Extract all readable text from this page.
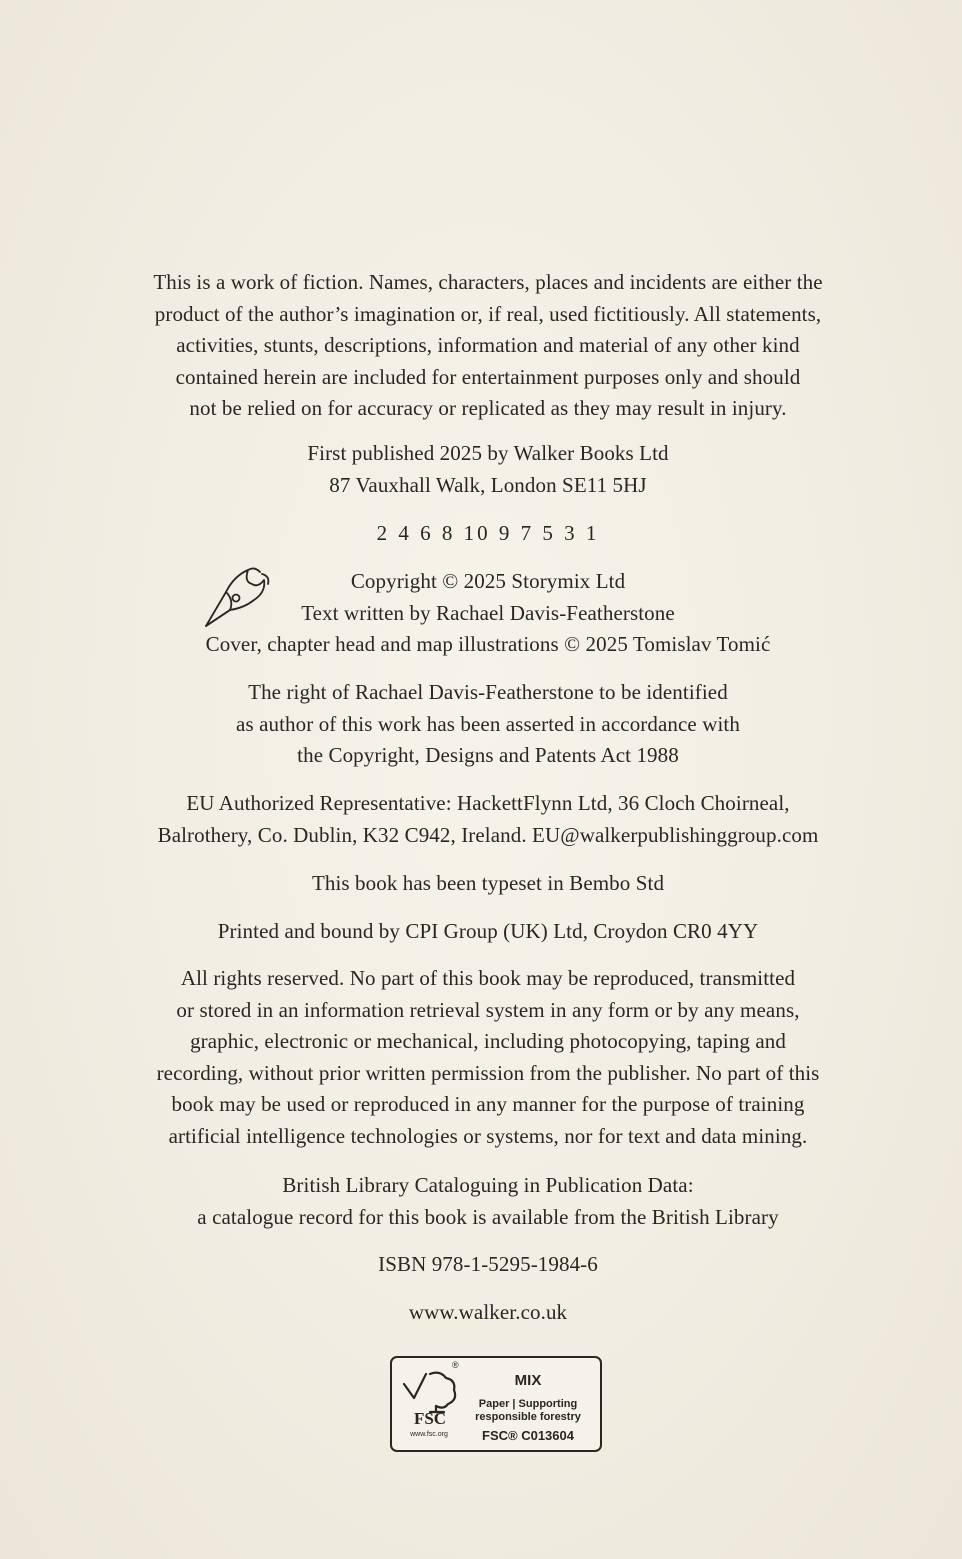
This is a work of fiction. Names, characters, places and incidents are either the
product of the author’s imagination or, if real, used fictitiously. All statements,
activities, stunts, descriptions, information and material of any other kind
contained herein are included for entertainment purposes only and should
not be relied on for accuracy or replicated as they may result in injury.
First published 2025 by Walker Books Ltd
87 Vauxhall Walk, London SE11 5HJ
2 4 6 8 10 9 7 5 3 1
Copyright © 2025 Storymix Ltd
Text written by Rachael Davis-Featherstone
Cover, chapter head and map illustrations © 2025 Tomislav Tomić
The right of Rachael Davis-Featherstone to be identified
as author of this work has been asserted in accordance with
the Copyright, Designs and Patents Act 1988
EU Authorized Representative: HackettFlynn Ltd, 36 Cloch Choirneal,
Balrothery, Co. Dublin, K32 C942, Ireland. EU@walkerpublishinggroup.com
This book has been typeset in Bembo Std
Printed and bound by CPI Group (UK) Ltd, Croydon CR0 4YY
All rights reserved. No part of this book may be reproduced, transmitted
or stored in an information retrieval system in any form or by any means,
graphic, electronic or mechanical, including photocopying, taping and
recording, without prior written permission from the publisher. No part of this
book may be used or reproduced in any manner for the purpose of training
artificial intelligence technologies or systems, nor for text and data mining.
British Library Cataloguing in Publication Data:
a catalogue record for this book is available from the British Library
ISBN 978-1-5295-1984-6
www.walker.co.uk
®
FSC
www.fsc.org
MIX
Paper | Supporting
responsible forestry
FSC® C013604
